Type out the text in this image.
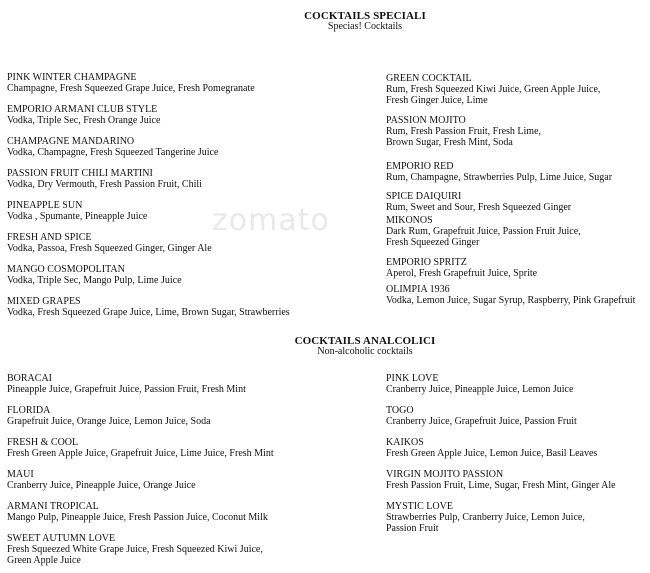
zomato
COCKTAILS SPECIALI
Specias! Cocktails
PINK WINTER CHAMPAGNE
Champagne, Fresh Squeezed Grape Juice, Fresh Pomegranate
EMPORIO ARMANI CLUB STYLE
Vodka, Triple Sec, Fresh Orange Juice
CHAMPAGNE MANDARINO
Vodka, Champagne, Fresh Squeezed Tangerine Juice
PASSION FRUIT CHILI MARTINI
Vodka, Dry Vermouth, Fresh Passion Fruit, Chili
PINEAPPLE SUN
Vodka , Spumante, Pineapple Juice
FRESH AND SPICE
Vodka, Passoa, Fresh Squeezed Ginger, Ginger Ale
MANGO COSMOPOLITAN
Vodka, Triple Sec, Mango Pulp, Lime Juice
MIXED GRAPES
Vodka, Fresh Squeezed Grape Juice, Lime, Brown Sugar, Strawberries
GREEN COCKTAIL
Rum, Fresh Squeezed Kiwi Juice, Green Apple Juice,
Fresh Ginger Juice, Lime
PASSION MOJITO
Rum, Fresh Passion Fruit, Fresh Lime,
Brown Sugar, Fresh Mint, Soda
EMPORIO RED
Rum, Champagne, Strawberries Pulp, Lime Juice, Sugar
SPICE DAIQUIRI
Rum, Sweet and Sour, Fresh Squeezed Ginger
MIKONOS
Dark Rum, Grapefruit Juice, Passion Fruit Juice,
Fresh Squeezed Ginger
EMPORIO SPRITZ
Aperol, Fresh Grapefruit Juice, Sprite
OLIMPIA 1936
Vodka, Lemon Juice, Sugar Syrup, Raspberry, Pink Grapefruit
COCKTAILS ANALCOLICI
Non-alcoholic cocktails
BORACAI
Pineapple Juice, Grapefruit Juice, Passion Fruit, Fresh Mint
FLORIDA
Grapefruit Juice, Orange Juice, Lemon Juice, Soda
FRESH & COOL
Fresh Green Apple Juice, Grapefruit Juice, Lime Juice, Fresh Mint
MAUI
Cranberry Juice, Pineapple Juice, Orange Juice
ARMANI TROPICAL
Mango Pulp, Pineapple Juice, Fresh Passion Juice, Coconut Milk
SWEET AUTUMN LOVE
Fresh Squeezed White Grape Juice, Fresh Squeezed Kiwi Juice,
Green Apple Juice
PINK LOVE
Cranberry Juice, Pineapple Juice, Lemon Juice
TOGO
Cranberry Juice, Grapefruit Juice, Passion Fruit
KAIKOS
Fresh Green Apple Juice, Lemon Juice, Basil Leaves
VIRGIN MOJITO PASSION
Fresh Passion Fruit, Lime, Sugar, Fresh Mint, Ginger Ale
MYSTIC LOVE
Strawberries Pulp, Cranberry Juice, Lemon Juice,
Passion Fruit
